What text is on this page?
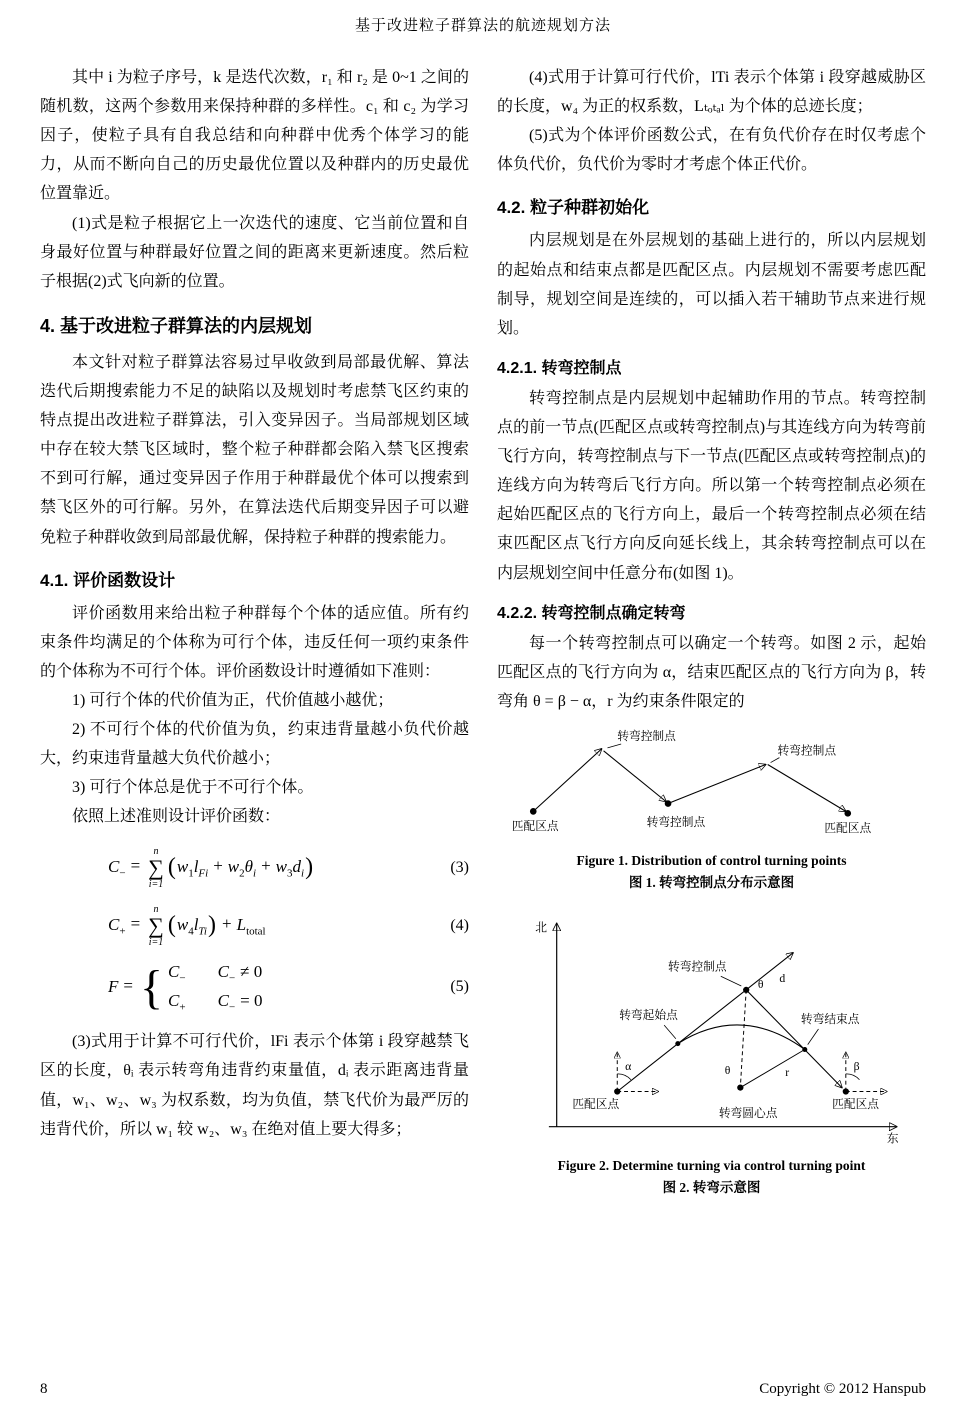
基于改进粒子群算法的航迹规划方法

其中 i 为粒子序号，k 是迭代次数，r₁ 和 r₂ 是 0~1 之间的随机数，这两个参数用来保持种群的多样性。c₁ 和 c₂ 为学习因子，使粒子具有自我总结和向种群中优秀个体学习的能力，从而不断向自己的历史最优位置以及种群内的历史最优位置靠近。

(1)式是粒子根据它上一次迭代的速度、它当前位置和自身最好位置与种群最好位置之间的距离来更新速度。然后粒子根据(2)式飞向新的位置。

4. 基于改进粒子群算法的内层规划

本文针对粒子群算法容易过早收敛到局部最优解、算法迭代后期搜索能力不足的缺陷以及规划时考虑禁飞区约束的特点提出改进粒子群算法，引入变异因子。当局部规划区域中存在较大禁飞区域时，整个粒子种群都会陷入禁飞区搜索不到可行解，通过变异因子作用于种群最优个体可以搜索到禁飞区外的可行解。另外，在算法迭代后期变异因子可以避免粒子种群收敛到局部最优解，保持粒子种群的搜索能力。

4.1. 评价函数设计

评价函数用来给出粒子种群每个个体的适应值。所有约束条件均满足的个体称为可行个体，违反任何一项约束条件的个体称为不可行个体。评价函数设计时遵循如下准则：

1) 可行个体的代价值为正，代价值越小越优；

2) 不可行个体的代价值为负，约束违背量越小负代价越大，约束违背量越大负代价越小；

3) 可行个体总是优于不可行个体。

依照上述准则设计评价函数：

$C_-$ =
n
∑
i=1
$(w_1l_{Fi} + w_2\theta_i + w_3d_i)$	(3)
$C_+$ =
n
∑
i=1
$(w_4l_{Ti}) + L_{total}$	(4)
F = { $C_-$ $C_- \ne 0$
$C_+$ $C_- = 0$
(5)

(3)式用于计算不可行代价，lFi 表示个体第 i 段穿越禁飞区的长度，θᵢ 表示转弯角违背约束量值，dᵢ 表示距离违背量值，w₁、w₂、w₃ 为权系数，均为负值，禁飞代价为最严厉的违背代价，所以 w₁ 较 w₂、w₃ 在绝对值上要大得多；

(4)式用于计算可行代价，lTi 表示个体第 i 段穿越威胁区的长度，w₄ 为正的权系数，Lₜₒₜₐₗ 为个体的总迹长度；

(5)式为个体评价函数公式，在有负代价存在时仅考虑个体负代价，负代价为零时才考虑个体正代价。

4.2. 粒子种群初始化

内层规划是在外层规划的基础上进行的，所以内层规划的起始点和结束点都是匹配区点。内层规划不需要考虑匹配制导，规划空间是连续的，可以插入若干辅助节点来进行规划。

4.2.1. 转弯控制点

转弯控制点是内层规划中起辅助作用的节点。转弯控制点的前一节点(匹配区点或转弯控制点)与其连线方向为转弯前飞行方向，转弯控制点与下一节点(匹配区点或转弯控制点)的连线方向为转弯后飞行方向。所以第一个转弯控制点必须在起始匹配区点的飞行方向上，最后一个转弯控制点必须在结束匹配区点飞行方向反向延长线上，其余转弯控制点可以在内层规划空间中任意分布(如图 1)。

4.2.2. 转弯控制点确定转弯

每一个转弯控制点可以确定一个转弯。如图 2 示，起始匹配区点的飞行方向为 α，结束匹配区点的飞行方向为 β，转弯角 θ = β − α，r 为约束条件限定的

转弯控制点
转弯控制点
转弯控制点
匹配区点	匹配区点
Figure 1. Distribution of control turning points
图 1. 转弯控制点分布示意图
北
东
转弯控制点
θ d
转弯起始点	转弯结束点
α	β
匹配区点	匹配区点
r
θ
转弯圆心点
Figure 2. Determine turning via control turning point
图 2. 转弯示意图
8	Copyright © 2012 Hanspub
